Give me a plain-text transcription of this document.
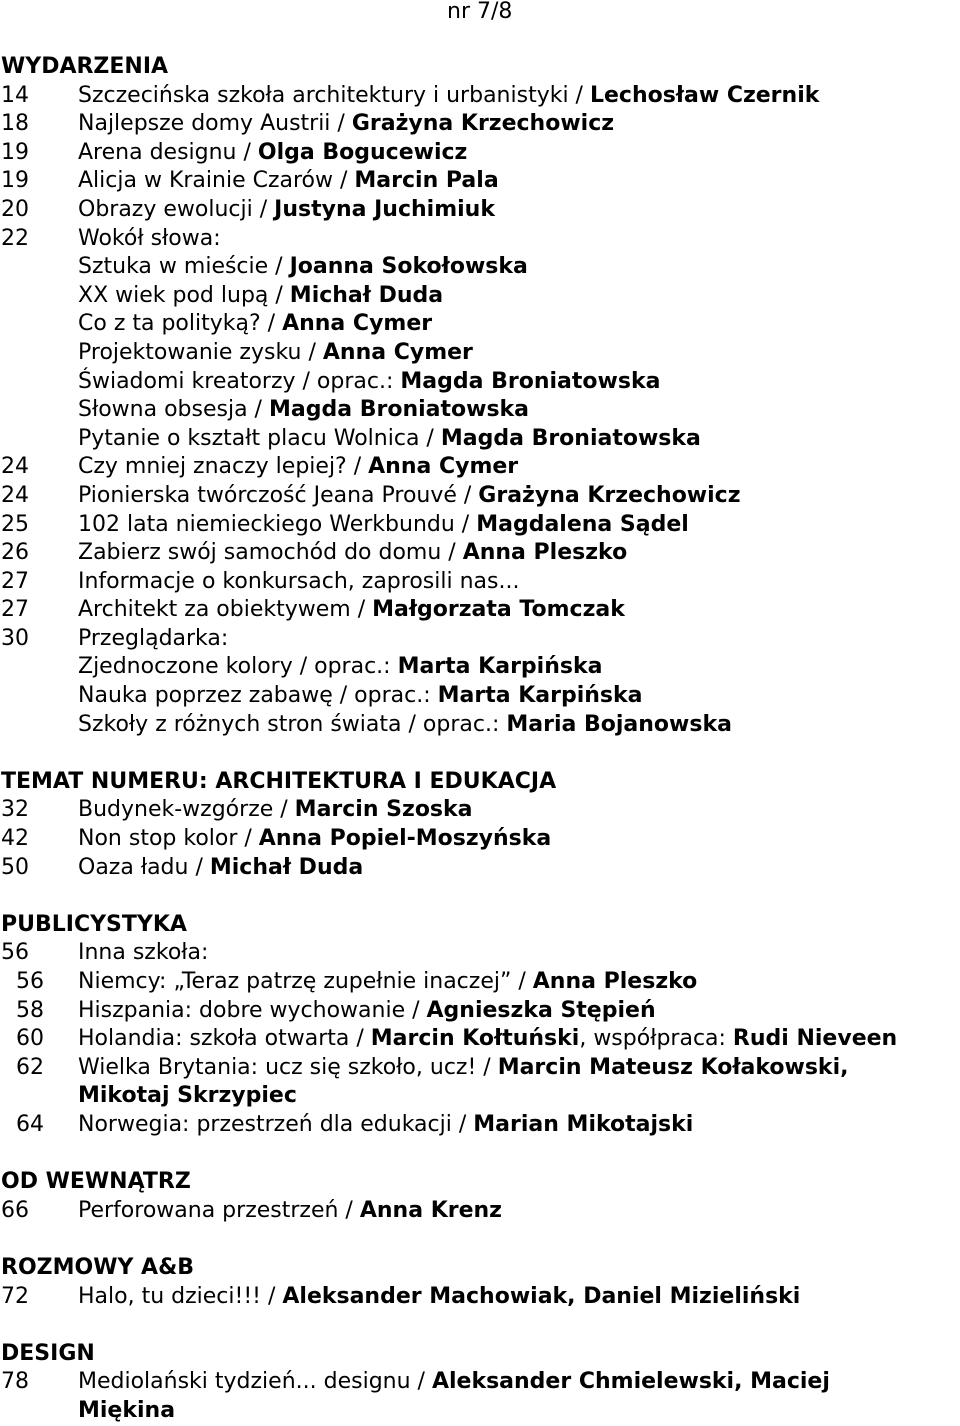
nr 7/8
WYDARZENIA
14	Szczecińska szkoła architektury i urbanistyki / Lechosław Czernik
18	Najlepsze domy Austrii / Grażyna Krzechowicz
19	Arena designu / Olga Bogucewicz
19	Alicja w Krainie Czarów / Marcin Pala
20	Obrazy ewolucji / Justyna Juchimiuk
22	Wokół słowa:
Sztuka w mieście / Joanna Sokołowska
XX wiek pod lupą / Michał Duda
Co z ta polityką? / Anna Cymer
Projektowanie zysku / Anna Cymer
Świadomi kreatorzy / oprac.: Magda Broniatowska
Słowna obsesja / Magda Broniatowska
Pytanie o kształt placu Wolnica / Magda Broniatowska
24	Czy mniej znaczy lepiej? / Anna Cymer
24	Pionierska twórczość Jeana Prouvé / Grażyna Krzechowicz
25	102 lata niemieckiego Werkbundu / Magdalena Sądel
26	Zabierz swój samochód do domu / Anna Pleszko
27	Informacje o konkursach, zaprosili nas...
27	Architekt za obiektywem / Małgorzata Tomczak
30	Przeglądarka:
Zjednoczone kolory / oprac.: Marta Karpińska
Nauka poprzez zabawę / oprac.: Marta Karpińska
Szkoły z różnych stron świata / oprac.: Maria Bojanowska
TEMAT NUMERU: ARCHITEKTURA I EDUKACJA
32	Budynek-wzgórze / Marcin Szoska
42	Non stop kolor / Anna Popiel-Moszyńska
50	Oaza ładu / Michał Duda
PUBLICYSTYKA
56	Inna szkoła:
56	Niemcy: „Teraz patrzę zupełnie inaczej” / Anna Pleszko
58	Hiszpania: dobre wychowanie / Agnieszka Stępień
60	Holandia: szkoła otwarta / Marcin Kołtuński, współpraca: Rudi Nieveen
62	Wielka Brytania: ucz się szkoło, ucz! / Marcin Mateusz Kołakowski,
Mikotaj Skrzypiec
64	Norwegia: przestrzeń dla edukacji / Marian Mikotajski
OD WEWNĄTRZ
66	Perforowana przestrzeń / Anna Krenz
ROZMOWY A&B
72	Halo, tu dzieci!!! / Aleksander Machowiak, Daniel Mizieliński
DESIGN
78	Mediolański tydzień... designu / Aleksander Chmielewski, Maciej
Miękina
